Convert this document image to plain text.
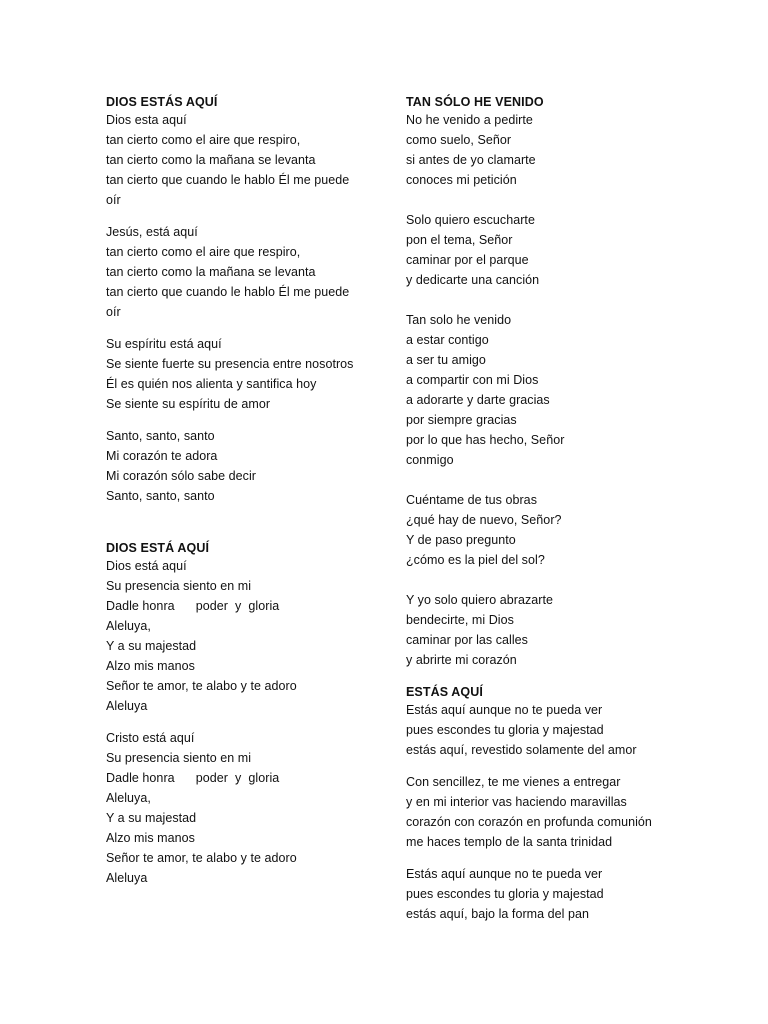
DIOS ESTÁS AQUÍ
Dios esta aquí
tan cierto como el aire que respiro,
tan cierto como la mañana se levanta
tan cierto que cuando le hablo Él me puede
oír
Jesús, está aquí
tan cierto como el aire que respiro,
tan cierto como la mañana se levanta
tan cierto que cuando le hablo Él me puede
oír
Su espíritu está aquí
Se siente fuerte su presencia entre nosotros
Él es quién nos alienta y santifica hoy
Se siente su espíritu de amor
Santo, santo, santo
Mi corazón te adora
Mi corazón sólo sabe decir
Santo, santo, santo
DIOS ESTÁ AQUÍ
Dios está aquí
Su presencia siento en mi
Dadle honra      poder  y  gloria
Aleluya,
Y a su majestad
Alzo mis manos
Señor te amor, te alabo y te adoro
Aleluya
Cristo está aquí
Su presencia siento en mi
Dadle honra      poder  y  gloria
Aleluya,
Y a su majestad
Alzo mis manos
Señor te amor, te alabo y te adoro
Aleluya
TAN SÓLO HE VENIDO
No he venido a pedirte
como suelo, Señor
si antes de yo clamarte
conoces mi petición
Solo quiero escucharte
pon el tema, Señor
caminar por el parque
y dedicarte una canción
Tan solo he venido
a estar contigo
a ser tu amigo
a compartir con mi Dios
a adorarte y darte gracias
por siempre gracias
por lo que has hecho, Señor
conmigo
Cuéntame de tus obras
¿qué hay de nuevo, Señor?
Y de paso pregunto
¿cómo es la piel del sol?
Y yo solo quiero abrazarte
bendecirte, mi Dios
caminar por las calles
y abrirte mi corazón
ESTÁS AQUÍ
Estás aquí aunque no te pueda ver
pues escondes tu gloria y majestad
estás aquí, revestido solamente del amor
Con sencillez, te me vienes a entregar
y en mi interior vas haciendo maravillas
corazón con corazón en profunda comunión
me haces templo de la santa trinidad
Estás aquí aunque no te pueda ver
pues escondes tu gloria y majestad
estás aquí, bajo la forma del pan
